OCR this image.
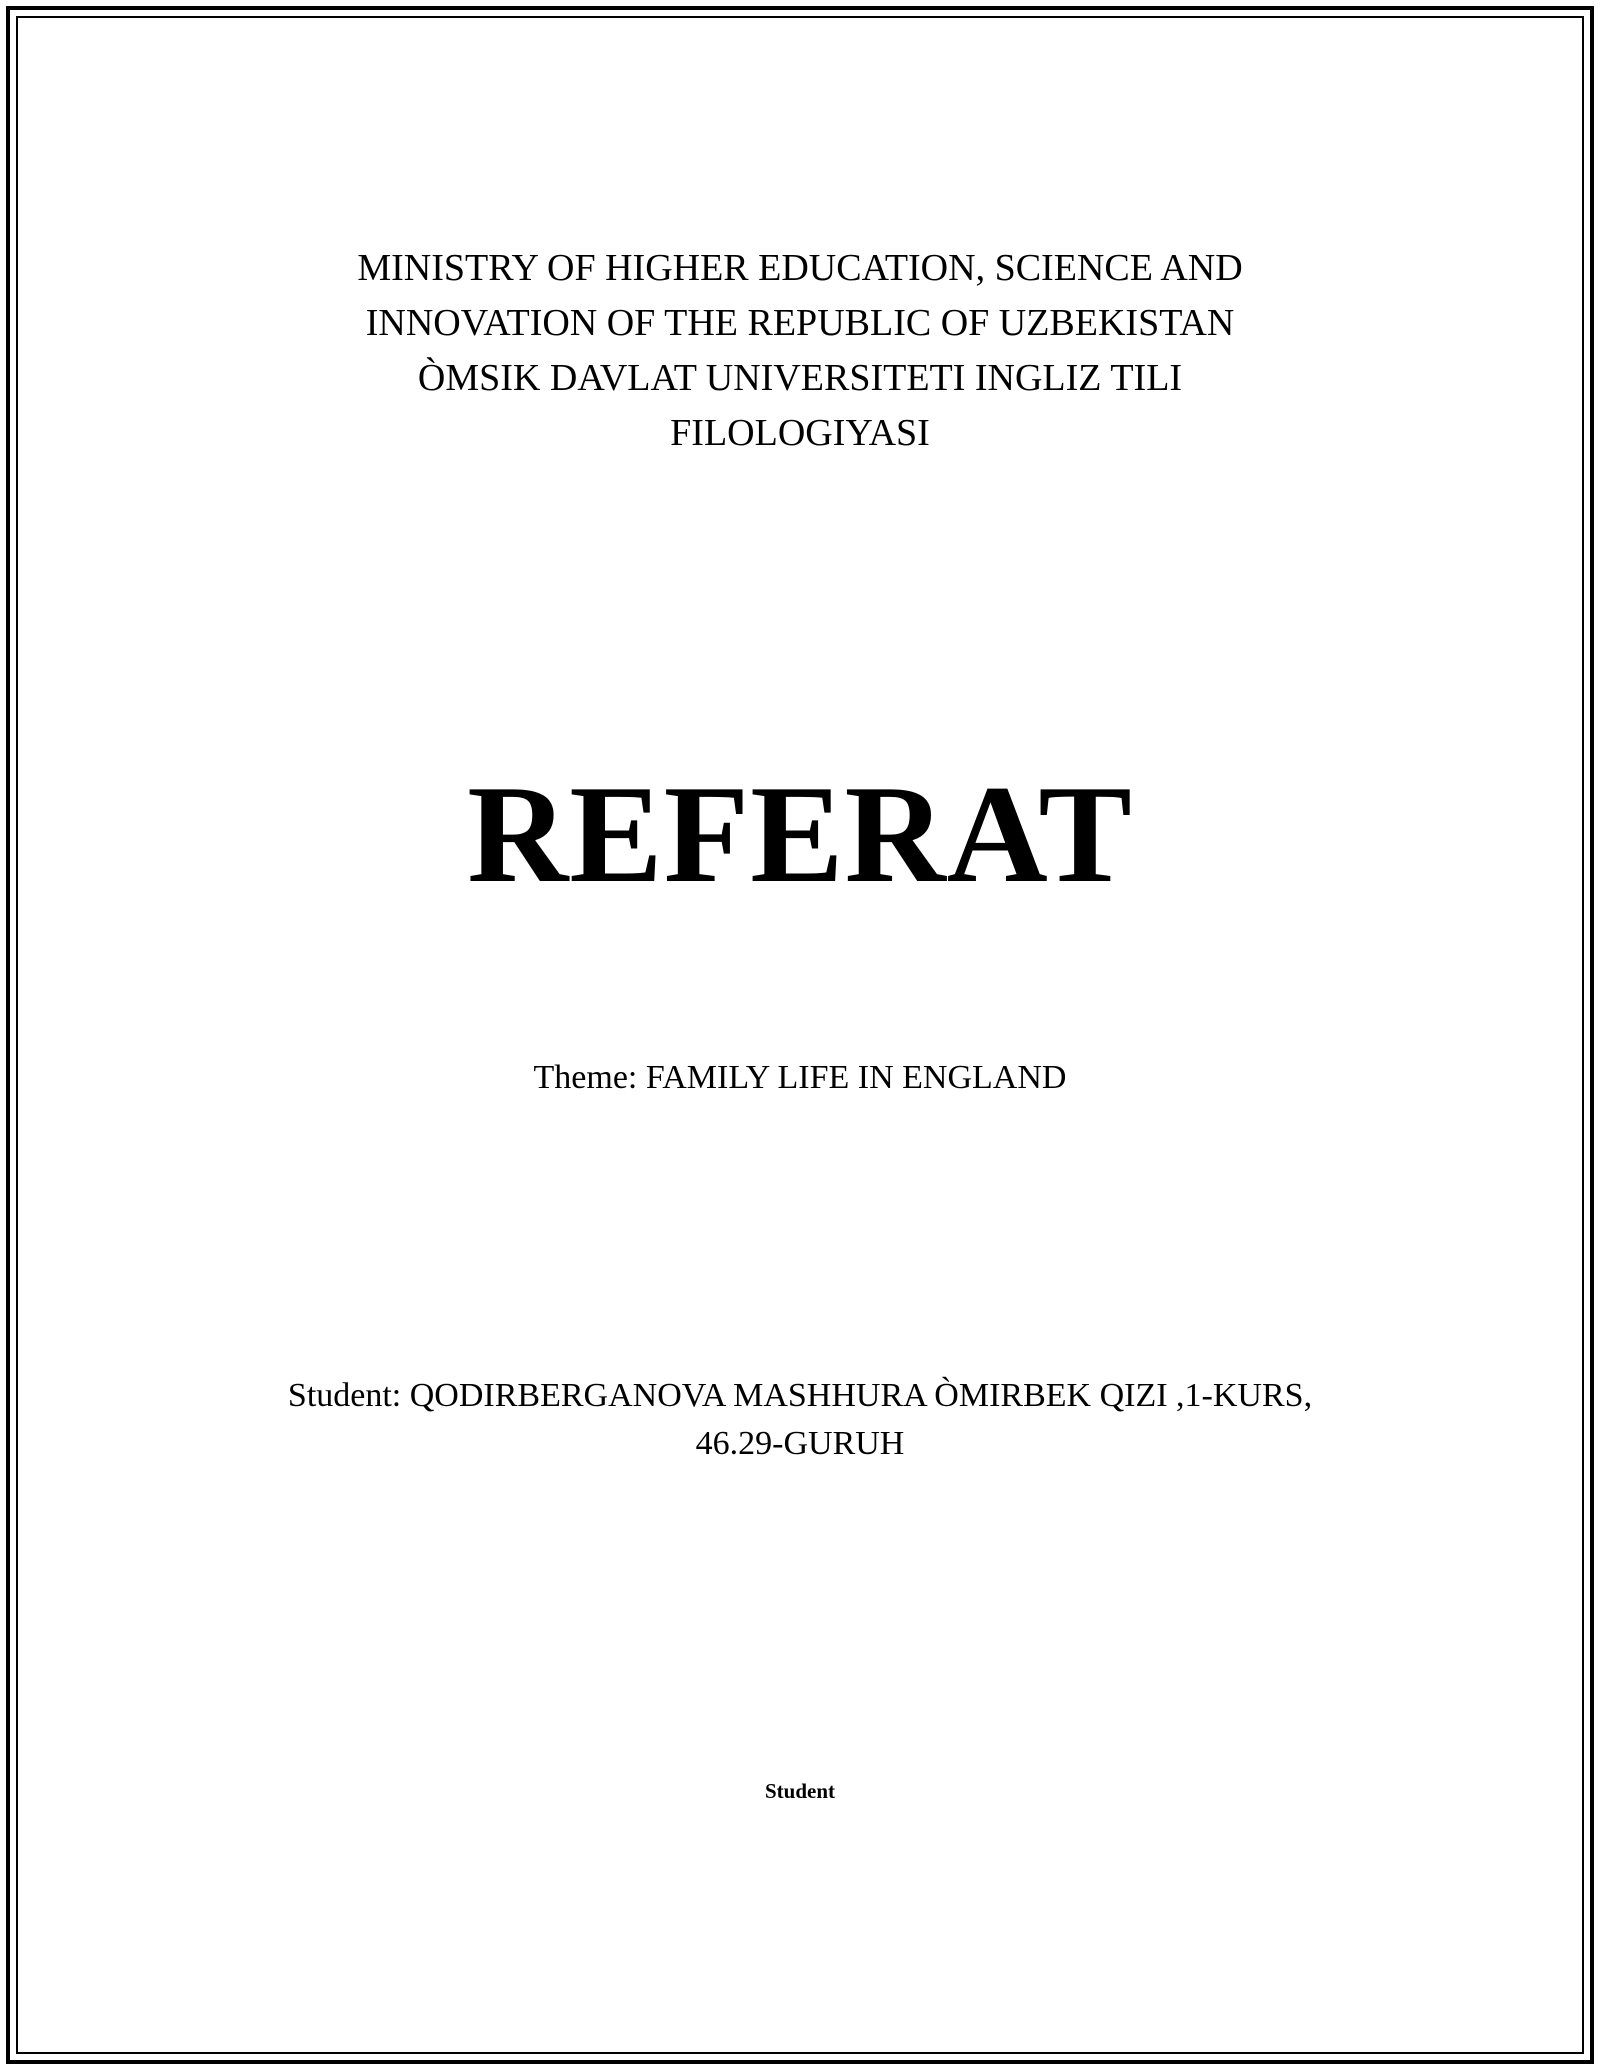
MINISTRY OF HIGHER EDUCATION, SCIENCE AND
INNOVATION OF THE REPUBLIC OF UZBEKISTAN
ÒMSIK DAVLAT UNIVERSITETI INGLIZ TILI
FILOLOGIYASI
REFERAT
Theme: FAMILY LIFE IN ENGLAND
Student: QODIRBERGANOVA MASHHURA ÒMIRBEK QIZI ,1-KURS,
46.29-GURUH
Student
